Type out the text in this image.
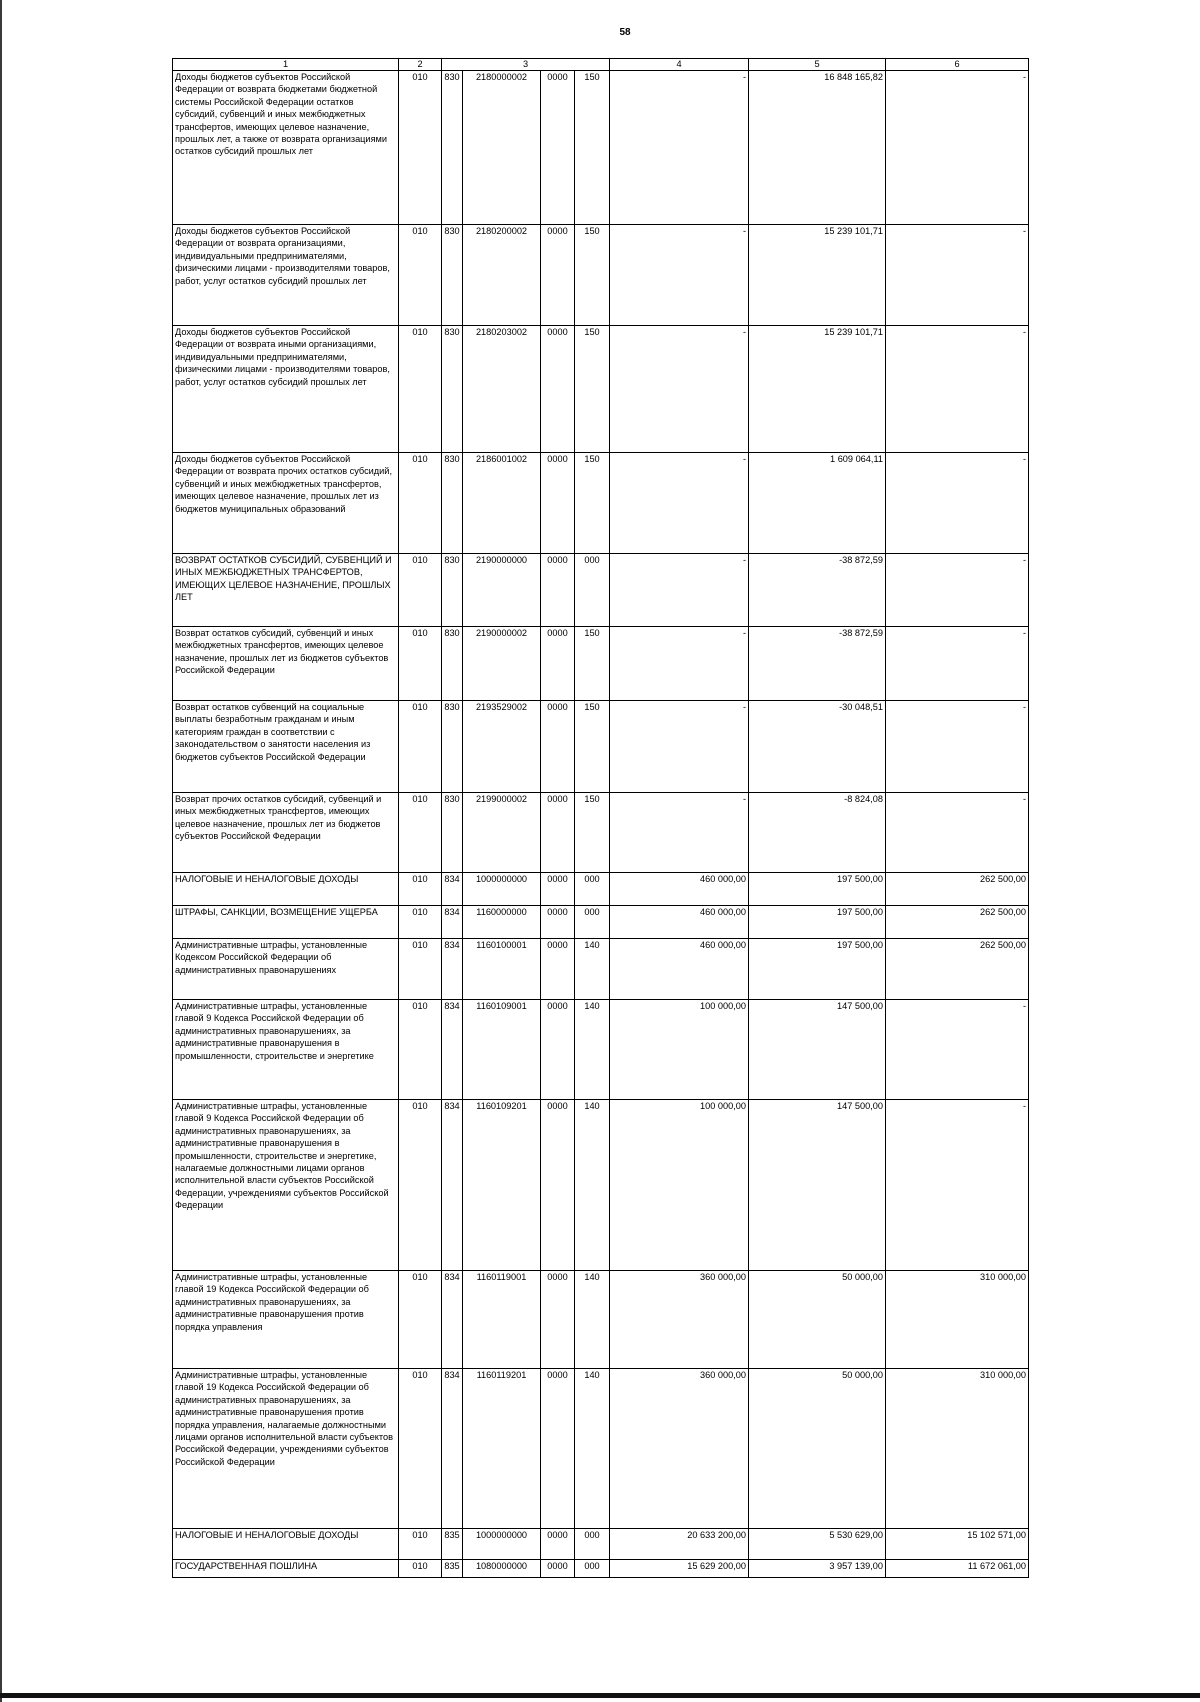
58
1	2	3				4	5	6
Доходы бюджетов субъектов Российской Федерации от возврата бюджетами бюджетной системы Российской Федерации остатков субсидий, субвенций и иных межбюджетных трансфертов, имеющих целевое назначение, прошлых лет, а также от возврата организациями остатков субсидий прошлых лет	010	830	2180000002	0000	150	-	16 848 165,82	-
Доходы бюджетов субъектов Российской Федерации от возврата организациями, индивидуальными предпринимателями, физическими лицами - производителями товаров, работ, услуг остатков субсидий прошлых лет	010	830	2180200002	0000	150	-	15 239 101,71	-
Доходы бюджетов субъектов Российской Федерации от возврата иными организациями, индивидуальными предпринимателями, физическими лицами - производителями товаров, работ, услуг остатков субсидий прошлых лет	010	830	2180203002	0000	150	-	15 239 101,71	-
Доходы бюджетов субъектов Российской Федерации от возврата прочих остатков субсидий, субвенций и иных межбюджетных трансфертов, имеющих целевое назначение, прошлых лет из бюджетов муниципальных образований	010	830	2186001002	0000	150	-	1 609 064,11	-
ВОЗВРАТ ОСТАТКОВ СУБСИДИЙ, СУБВЕНЦИЙ И ИНЫХ МЕЖБЮДЖЕТНЫХ ТРАНСФЕРТОВ, ИМЕЮЩИХ ЦЕЛЕВОЕ НАЗНАЧЕНИЕ, ПРОШЛЫХ ЛЕТ	010	830	2190000000	0000	000	-	-38 872,59	-
Возврат остатков субсидий, субвенций и иных межбюджетных трансфертов, имеющих целевое назначение, прошлых лет из бюджетов субъектов Российской Федерации	010	830	2190000002	0000	150	-	-38 872,59	-
Возврат остатков субвенций на социальные выплаты безработным гражданам и иным категориям граждан в соответствии с законодательством о занятости населения из бюджетов субъектов Российской Федерации	010	830	2193529002	0000	150	-	-30 048,51	-
Возврат прочих остатков субсидий, субвенций и иных межбюджетных трансфертов, имеющих целевое назначение, прошлых лет из бюджетов субъектов Российской Федерации	010	830	2199000002	0000	150	-	-8 824,08	-
НАЛОГОВЫЕ И НЕНАЛОГОВЫЕ ДОХОДЫ	010	834	1000000000	0000	000	460 000,00	197 500,00	262 500,00
ШТРАФЫ, САНКЦИИ, ВОЗМЕЩЕНИЕ УЩЕРБА	010	834	1160000000	0000	000	460 000,00	197 500,00	262 500,00
Административные штрафы, установленные Кодексом Российской Федерации об административных правонарушениях	010	834	1160100001	0000	140	460 000,00	197 500,00	262 500,00
Административные штрафы, установленные главой 9 Кодекса Российской Федерации об административных правонарушениях, за административные правонарушения в промышленности, строительстве и энергетике	010	834	1160109001	0000	140	100 000,00	147 500,00	-
Административные штрафы, установленные главой 9 Кодекса Российской Федерации об административных правонарушениях, за административные правонарушения в промышленности, строительстве и энергетике, налагаемые должностными лицами органов исполнительной власти субъектов Российской Федерации, учреждениями субъектов Российской Федерации	010	834	1160109201	0000	140	100 000,00	147 500,00	-
Административные штрафы, установленные главой 19 Кодекса Российской Федерации об административных правонарушениях, за административные правонарушения против порядка управления	010	834	1160119001	0000	140	360 000,00	50 000,00	310 000,00
Административные штрафы, установленные главой 19 Кодекса Российской Федерации об административных правонарушениях, за административные правонарушения против порядка управления, налагаемые должностными лицами органов исполнительной власти субъектов Российской Федерации, учреждениями субъектов Российской Федерации	010	834	1160119201	0000	140	360 000,00	50 000,00	310 000,00
НАЛОГОВЫЕ И НЕНАЛОГОВЫЕ ДОХОДЫ	010	835	1000000000	0000	000	20 633 200,00	5 530 629,00	15 102 571,00
ГОСУДАРСТВЕННАЯ ПОШЛИНА	010	835	1080000000	0000	000	15 629 200,00	3 957 139,00	11 672 061,00
